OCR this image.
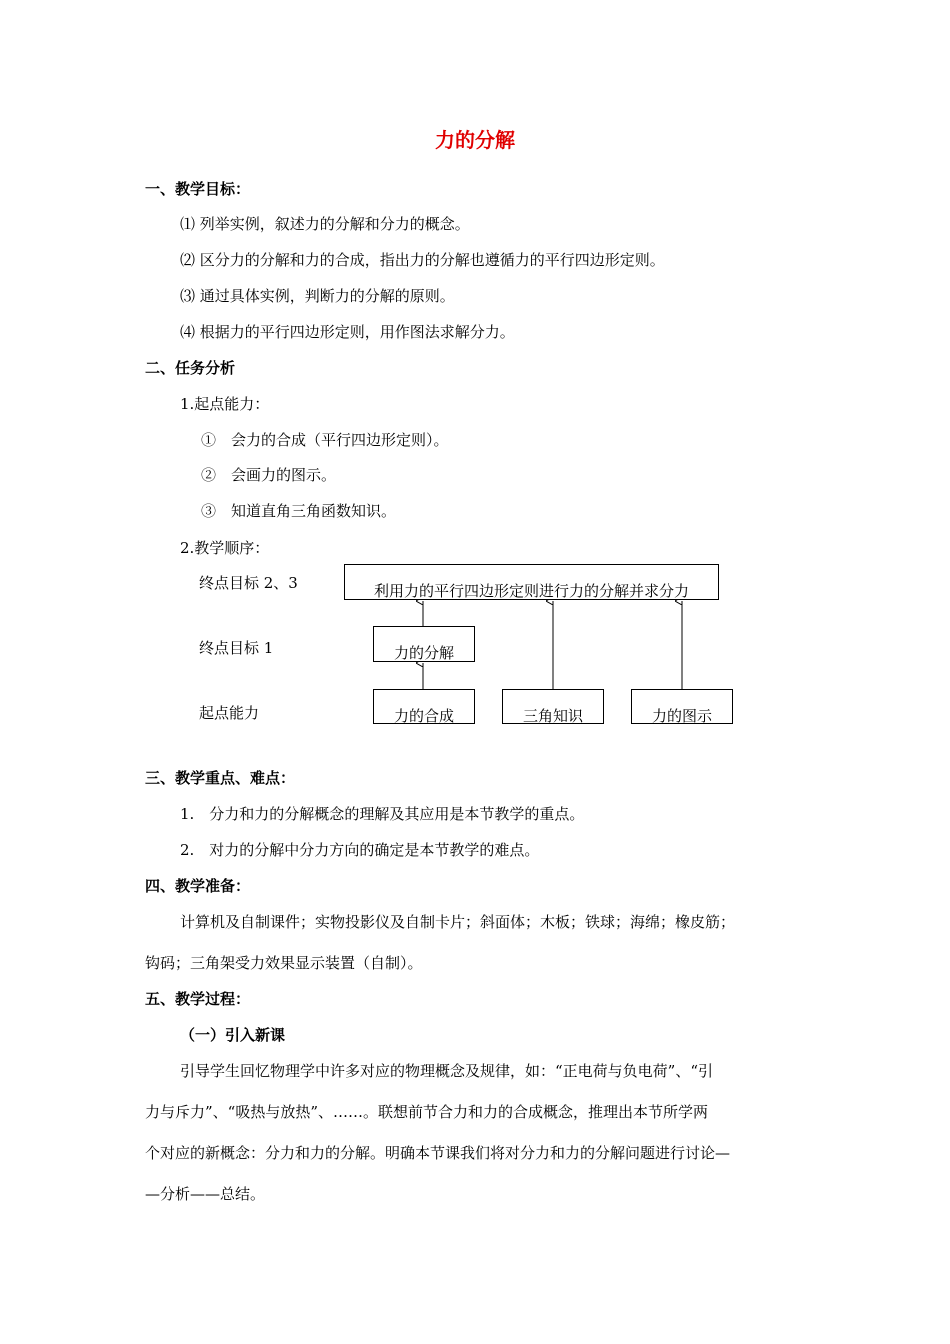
力的分解
一、教学目标：
⑴ 列举实例，叙述力的分解和分力的概念。
⑵ 区分力的分解和力的合成，指出力的分解也遵循力的平行四边形定则。
⑶ 通过具体实例，判断力的分解的原则。
⑷ 根据力的平行四边形定则，用作图法求解分力。
二、任务分析
1.起点能力：
①　会力的合成（平行四边形定则）。
②　会画力的图示。
③　知道直角三角函数知识。
2.教学顺序：
终点目标 2、3
终点目标 1
起点能力
利用力的平行四边形定则进行力的分解并求分力
力的分解
力的合成	三角知识	力的图示
三、教学重点、难点：
1.　分力和力的分解概念的理解及其应用是本节教学的重点。
2.　对力的分解中分力方向的确定是本节教学的难点。
四、教学准备：
计算机及自制课件；实物投影仪及自制卡片；斜面体；木板；铁球；海绵；橡皮筋；
钩码；三角架受力效果显示装置（自制）。
五、教学过程：
（一）引入新课
引导学生回忆物理学中许多对应的物理概念及规律，如：“正电荷与负电荷”、“引
力与斥力”、“吸热与放热”、……。联想前节合力和力的合成概念，推理出本节所学两
个对应的新概念：分力和力的分解。明确本节课我们将对分力和力的分解问题进行讨论—
—分析——总结。
